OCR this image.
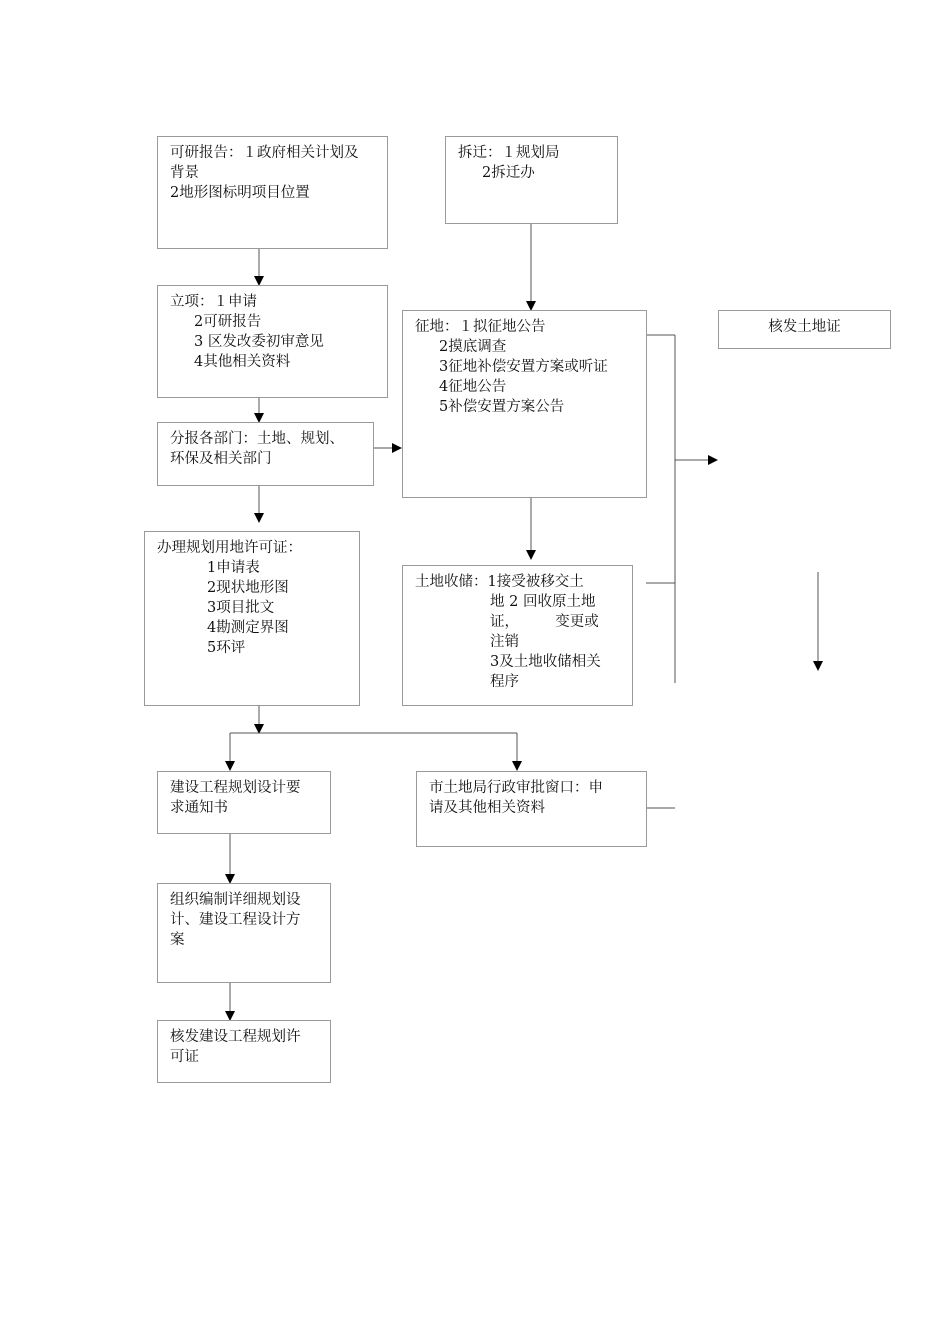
可研报告：１政府相关计划及
背景
2地形图标明项目位置
拆迁：１规划局
2拆迁办
立项：１申请
2可研报告
3 区发改委初审意见
4其他相关资料
征地：１拟征地公告
2摸底调查
3征地补偿安置方案或听证
4征地公告
5补偿安置方案公告
核发土地证
分报各部门：土地、规划、
环保及相关部门
办理规划用地许可证：
1申请表
2现状地形图
3项目批文
4勘测定界图
5环评
土地收储：1接受被移交土
地 2 回收原土地
证，　　　变更或
注销
3及土地收储相关
程序
建设工程规划设计要
求通知书
市土地局行政审批窗口：申
请及其他相关资料
组织编制详细规划设
计、建设工程设计方
案
核发建设工程规划许
可证
